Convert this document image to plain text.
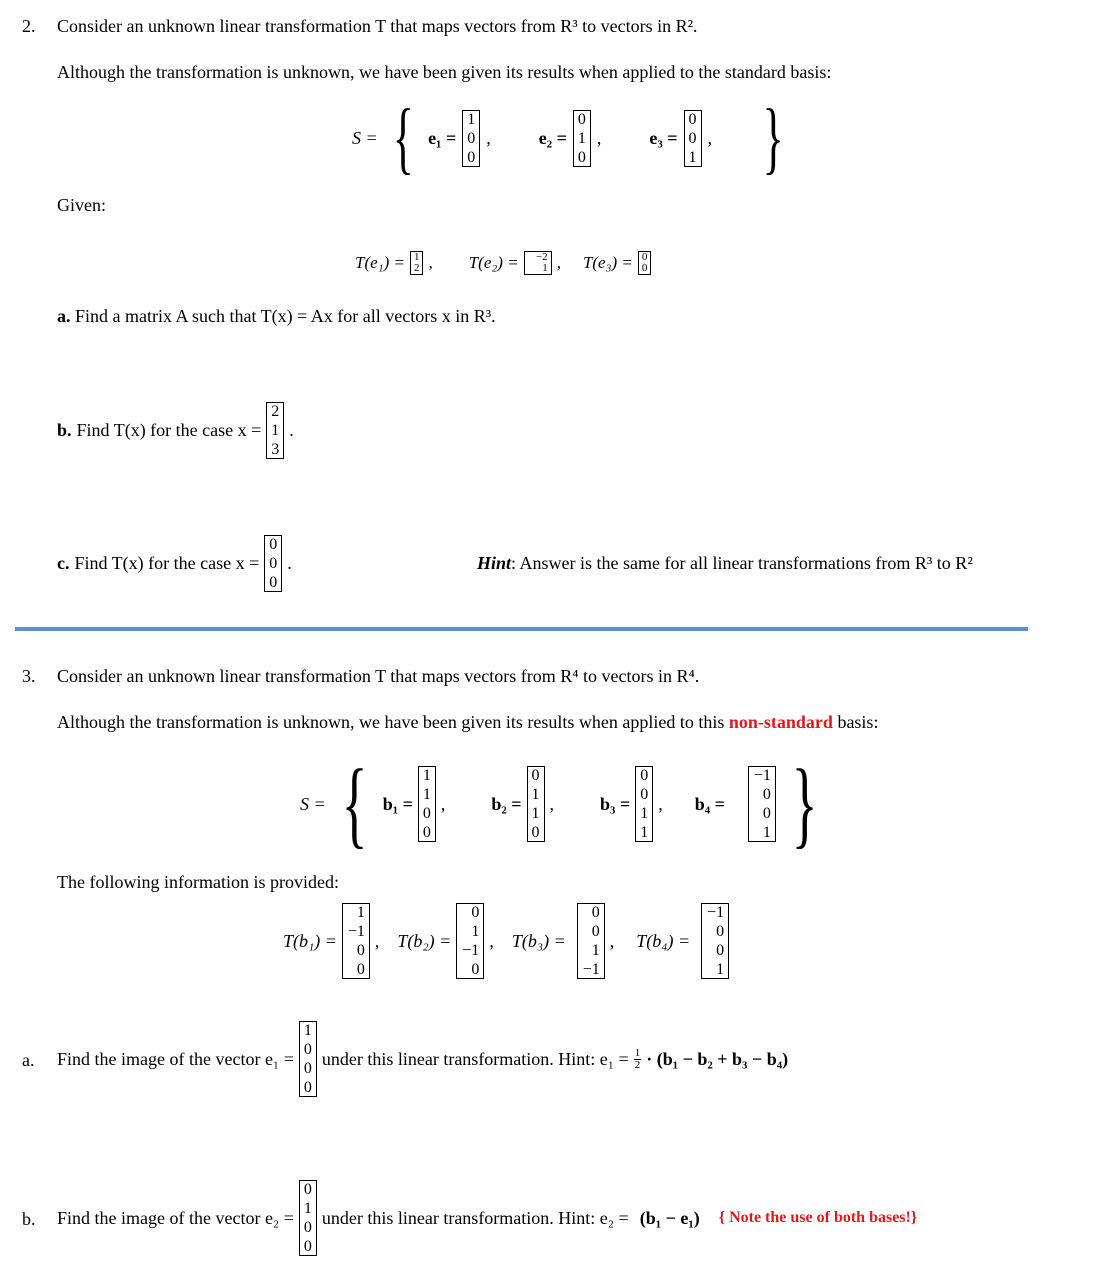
2. Consider an unknown linear transformation T that maps vectors from R³ to vectors in R².
Although the transformation is unknown, we have been given its results when applied to the standard basis:
S = { e₁ =
1
0
0
,	e₂ =
0
1
0
,	e₃ =
0
0
1
, }
Given:
T(e₁) = 1
2 , T(e₂) =	−2
1 , T(e₃) = 0
0
a. Find a matrix A such that T(x) = Ax for all vectors x in R³.
b. Find T(x) for the case x =
2
1
3
.
c. Find T(x) for the case x =
0
0
0
.	Hint: Answer is the same for all linear transformations from R³ to R²
3. Consider an unknown linear transformation T that maps vectors from R⁴ to vectors in R⁴.
Although the transformation is unknown, we have been given its results when applied to this non-standard basis:
S = { b₁ =
1
1
0
0
,	b₂ =
0
1
1
0
,	b₃ =
0
0
1
1
, b₄ =
−1
0
0
1 }
The following information is provided:
T(b₁) =
1
−1
0
0
, T(b₂) =
0
1
−1
0
, T(b₃) =
0
0
1
−1
, T(b₄) =
−1
0
0
1
a. Find the image of the vector e₁ =
1
0
0
0
under this linear transformation. Hint: $e_1 = \frac{1}{2} \cdot (b_1 - b_2 + b_3 - b_4)$
b. Find the image of the vector e₂ =
0
1
0
0
under this linear transformation. Hint: e₂ = (b₁ − e₁) { Note the use of both bases!}
